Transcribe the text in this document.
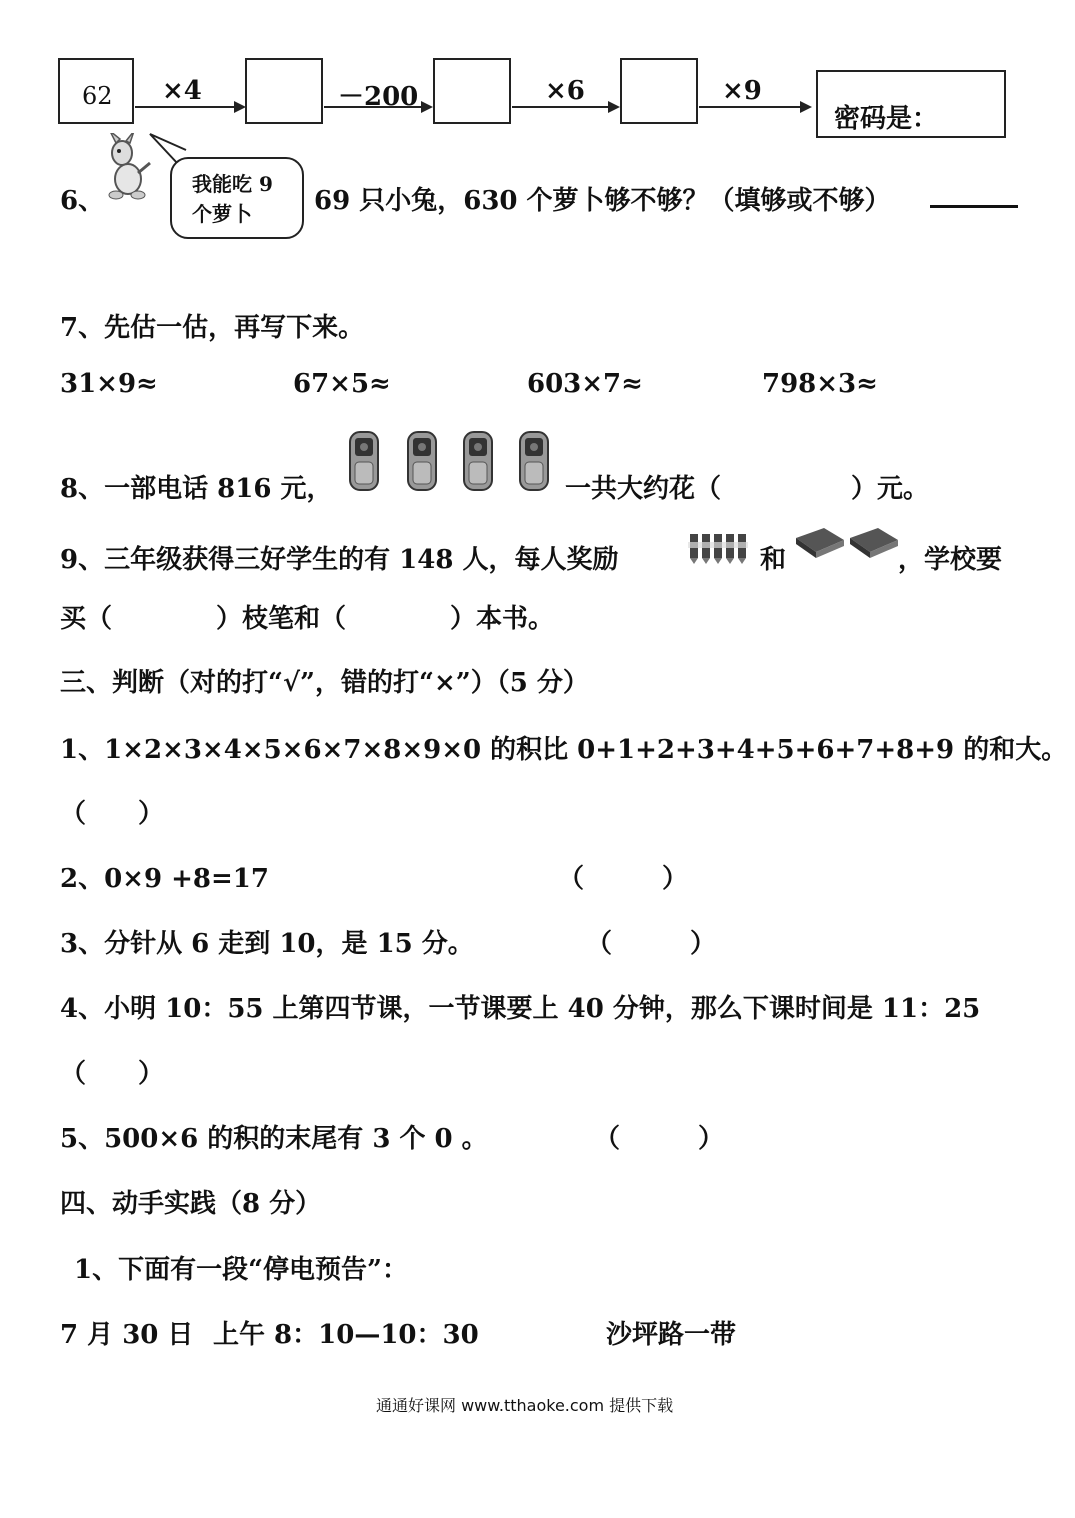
62 ×4	－200	×6	×9
密码是：
6、
我能吃 9
个萝卜	69 只小兔，630 个萝卜够不够？（填够或不够）
7、先估一估，再写下来。
31×9≈	67×5≈	603×7≈	798×3≈
8、一部电话 816 元，	一共大约花（　　　　　）元。
9、三年级获得三好学生的有 148 人，每人奖励	和	，学校要
买（　　　　）枝笔和（　　　　）本书。
三、判断（对的打“√”，错的打“×”）（5 分）
1、1×2×3×4×5×6×7×8×9×0 的积比 0+1+2+3+4+5+6+7+8+9 的和大。
（　　）
2、0×9 +8=17	（　　　）
3、分针从 6 走到 10，是 15 分。	（　　　）
4、小明 10：55 上第四节课，一节课要上 40 分钟，那么下课时间是 11：25
（　　）
5、500×6 的积的末尾有 3 个 0 。	（　　　）
四、动手实践（8 分）
1、下面有一段“停电预告”：
7 月 30 日 上午 8：10—10：30	沙坪路一带
通通好课网 www.tthaoke.com 提供下载
